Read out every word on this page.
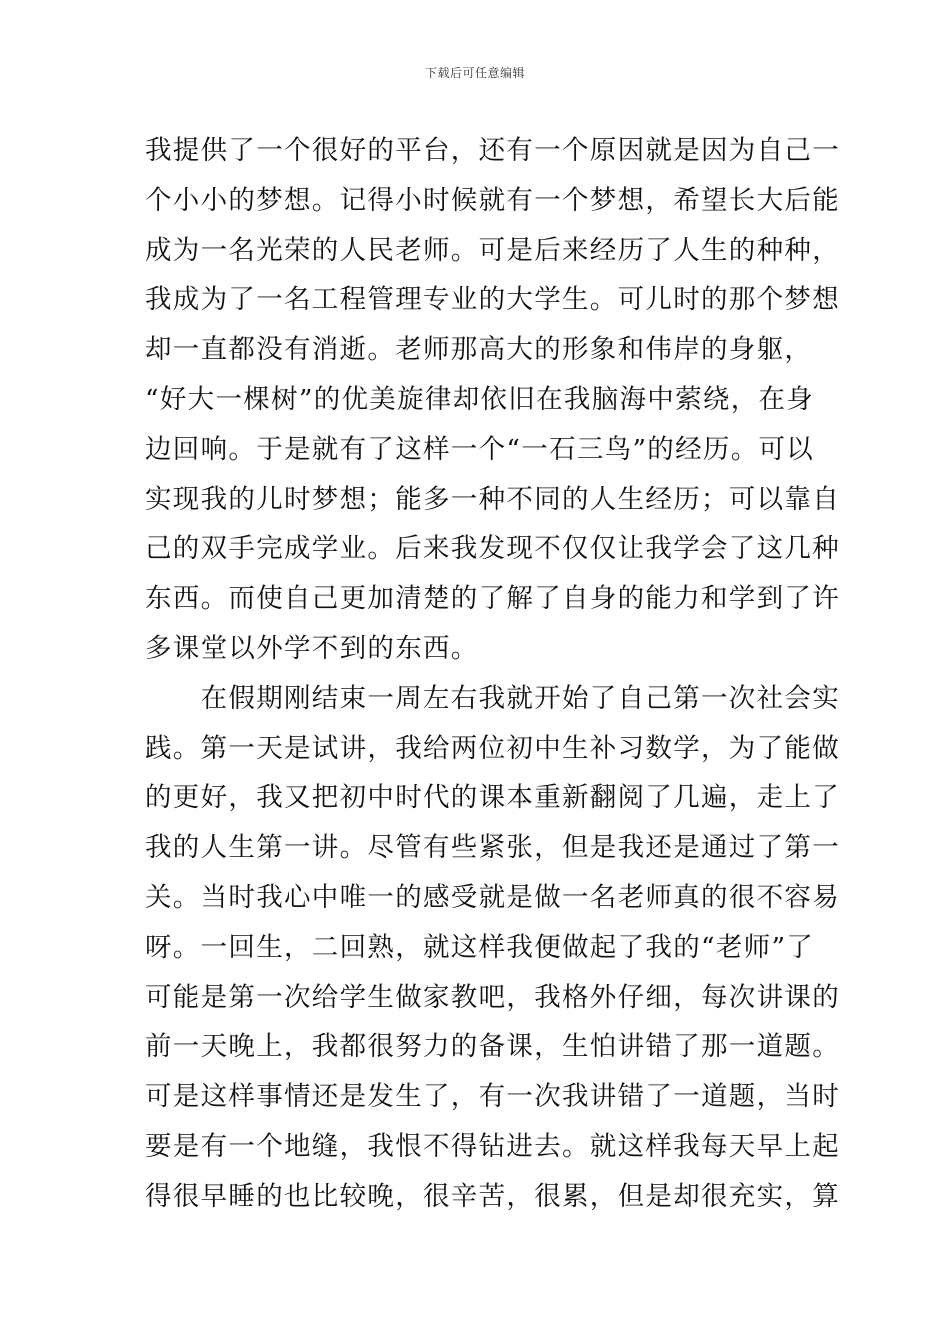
下载后可任意编辑
我提供了一个很好的平台，还有一个原因就是因为自己一
个小小的梦想。记得小时候就有一个梦想，希望长大后能
成为一名光荣的人民老师。可是后来经历了人生的种种，
我成为了一名工程管理专业的大学生。可儿时的那个梦想
却一直都没有消逝。老师那高大的形象和伟岸的身躯，
“好大一棵树”的优美旋律却依旧在我脑海中萦绕，在身
边回响。于是就有了这样一个“一石三鸟”的经历。可以
实现我的儿时梦想；能多一种不同的人生经历；可以靠自
己的双手完成学业。后来我发现不仅仅让我学会了这几种
东西。而使自己更加清楚的了解了自身的能力和学到了许
多课堂以外学不到的东西。
　　在假期刚结束一周左右我就开始了自己第一次社会实
践。第一天是试讲，我给两位初中生补习数学，为了能做
的更好，我又把初中时代的课本重新翻阅了几遍，走上了
我的人生第一讲。尽管有些紧张，但是我还是通过了第一
关。当时我心中唯一的感受就是做一名老师真的很不容易
呀。一回生，二回熟，就这样我便做起了我的“老师”了
可能是第一次给学生做家教吧，我格外仔细，每次讲课的
前一天晚上，我都很努力的备课，生怕讲错了那一道题。
可是这样事情还是发生了，有一次我讲错了一道题，当时
要是有一个地缝，我恨不得钻进去。就这样我每天早上起
得很早睡的也比较晚，很辛苦，很累，但是却很充实，算
